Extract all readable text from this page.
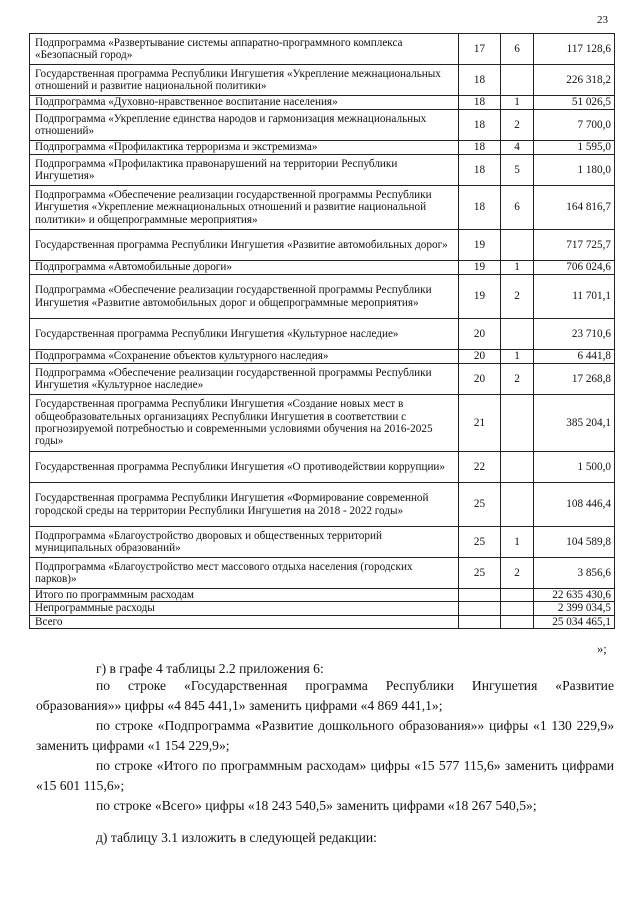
23
Подпрограмма «Развертывание системы аппаратно-программного комплекса «Безопасный город»	17	6	117 128,6
Государственная программа Республики Ингушетия «Укрепление межнациональных отношений и развитие национальной политики»	18		226 318,2
Подпрограмма «Духовно-нравственное воспитание населения»	18	1	51 026,5
Подпрограмма «Укрепление единства народов и гармонизация межнациональных отношений»	18	2	7 700,0
Подпрограмма «Профилактика терроризма и экстремизма»	18	4	1 595,0
Подпрограмма «Профилактика правонарушений на территории Республики Ингушетия»	18	5	1 180,0
Подпрограмма «Обеспечение реализации государственной программы Республики Ингушетия «Укрепление межнациональных отношений и развитие национальной политики» и общепрограммные мероприятия»	18	6	164 816,7
Государственная программа Республики Ингушетия «Развитие автомобильных дорог»	19		717 725,7
Подпрограмма «Автомобильные дороги»	19	1	706 024,6
Подпрограмма «Обеспечение реализации государственной программы Республики Ингушетия «Развитие автомобильных дорог и общепрограммные мероприятия»	19	2	11 701,1
Государственная программа Республики Ингушетия «Культурное наследие»	20		23 710,6
Подпрограмма «Сохранение объектов культурного наследия»	20	1	6 441,8
Подпрограмма «Обеспечение реализации государственной программы Республики Ингушетия «Культурное наследие»	20	2	17 268,8
Государственная программа Республики Ингушетия «Создание новых мест в общеобразовательных организациях Республики Ингушетия в соответствии с прогнозируемой потребностью и современными условиями обучения на 2016-2025 годы»	21		385 204,1
Государственная программа Республики Ингушетия «О противодействии коррупции»	22		1 500,0
Государственная программа Республики Ингушетия «Формирование современной городской среды на территории Республики Ингушетия на 2018 - 2022 годы»	25		108 446,4
Подпрограмма «Благоустройство дворовых и общественных территорий муниципальных образований»	25	1	104 589,8
Подпрограмма «Благоустройство мест массового отдыха населения (городских парков)»	25	2	3 856,6
Итого по программным расходам			22 635 430,6
Непрограммные расходы			2 399 034,5
Всего			25 034 465,1
»;
г) в графе 4 таблицы 2.2 приложения 6:
по строке «Государственная программа Республики Ингушетия «Развитие образования»» цифры «4 845 441,1» заменить цифрами «4 869 441,1»;
по строке «Подпрограмма «Развитие дошкольного образования»» цифры «1 130 229,9» заменить цифрами «1 154 229,9»;
по строке «Итого по программным расходам» цифры «15 577 115,6» заменить цифрами «15 601 115,6»;
по строке «Всего» цифры «18 243 540,5» заменить цифрами «18 267 540,5»;
д) таблицу 3.1 изложить в следующей редакции:
